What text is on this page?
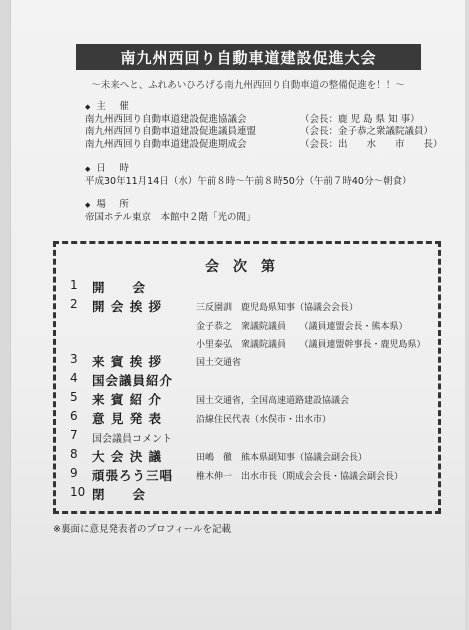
南九州西回り自動車道建設促進大会
〜未来へと、ふれあいひろげる南九州西回り自動車道の整備促進を！！〜
◆ 主　催
南九州西回り自動車道建設促進協議会	（会長：鹿 児 島 県 知 事）
南九州西回り自動車道建設促進議員連盟	（会長：金子恭之衆議院議員）
南九州西回り自動車道建設促進期成会	（会長：出　　水　　市　　長）
◆ 日　時
平成30年11月14日（水）午前８時〜午前８時50分（午前７時40分〜朝食）
◆ 場　所
帝国ホテル東京　本館中２階「光の間」
会次第
1	開　　会
2	開 会 挨 拶	三反園訓　鹿児島県知事（協議会会長）
金子恭之　衆議院議員　　（議員連盟会長・熊本県）
小里泰弘　衆議院議員　　（議員連盟幹事長・鹿児島県）
3	来 賓 挨 拶	国土交通省
4	国会議員紹介
5	来 賓 紹 介	国土交通省，全国高速道路建設協議会
6	意 見 発 表	沿線住民代表（水俣市・出水市）
7	国会議員コメント
8	大 会 決 議	田嶋　徹　熊本県副知事（協議会副会長）
9	頑張ろう三唱	椎木伸一　出水市長（期成会会長・協議会副会長）
10 閉　　会
※裏面に意見発表者のプロフィールを記載
